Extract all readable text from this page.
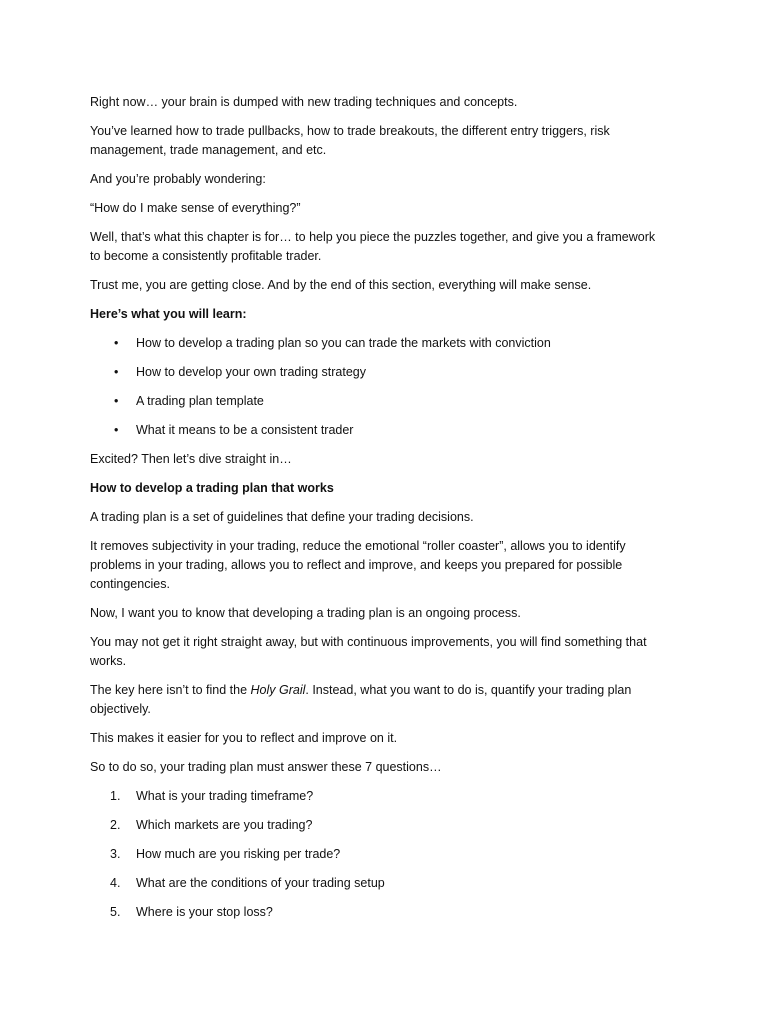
Right now… your brain is dumped with new trading techniques and concepts.

You’ve learned how to trade pullbacks, how to trade breakouts, the different entry triggers, risk

management, trade management, and etc.

And you’re probably wondering:

“How do I make sense of everything?”

Well, that’s what this chapter is for… to help you piece the puzzles together, and give you a framework

to become a consistently profitable trader.

Trust me, you are getting close. And by the end of this section, everything will make sense.

Here’s what you will learn:

• How to develop a trading plan so you can trade the markets with conviction
• How to develop your own trading strategy
• A trading plan template
• What it means to be a consistent trader

Excited? Then let’s dive straight in…

How to develop a trading plan that works

A trading plan is a set of guidelines that define your trading decisions.

It removes subjectivity in your trading, reduce the emotional “roller coaster”, allows you to identify

problems in your trading, allows you to reflect and improve, and keeps you prepared for possible

contingencies.

Now, I want you to know that developing a trading plan is an ongoing process.

You may not get it right straight away, but with continuous improvements, you will find something that

works.

The key here isn’t to find the Holy Grail. Instead, what you want to do is, quantify your trading plan

objectively.

This makes it easier for you to reflect and improve on it.

So to do so, your trading plan must answer these 7 questions…

1. What is your trading timeframe?
2. Which markets are you trading?
3. How much are you risking per trade?
4. What are the conditions of your trading setup
5. Where is your stop loss?
